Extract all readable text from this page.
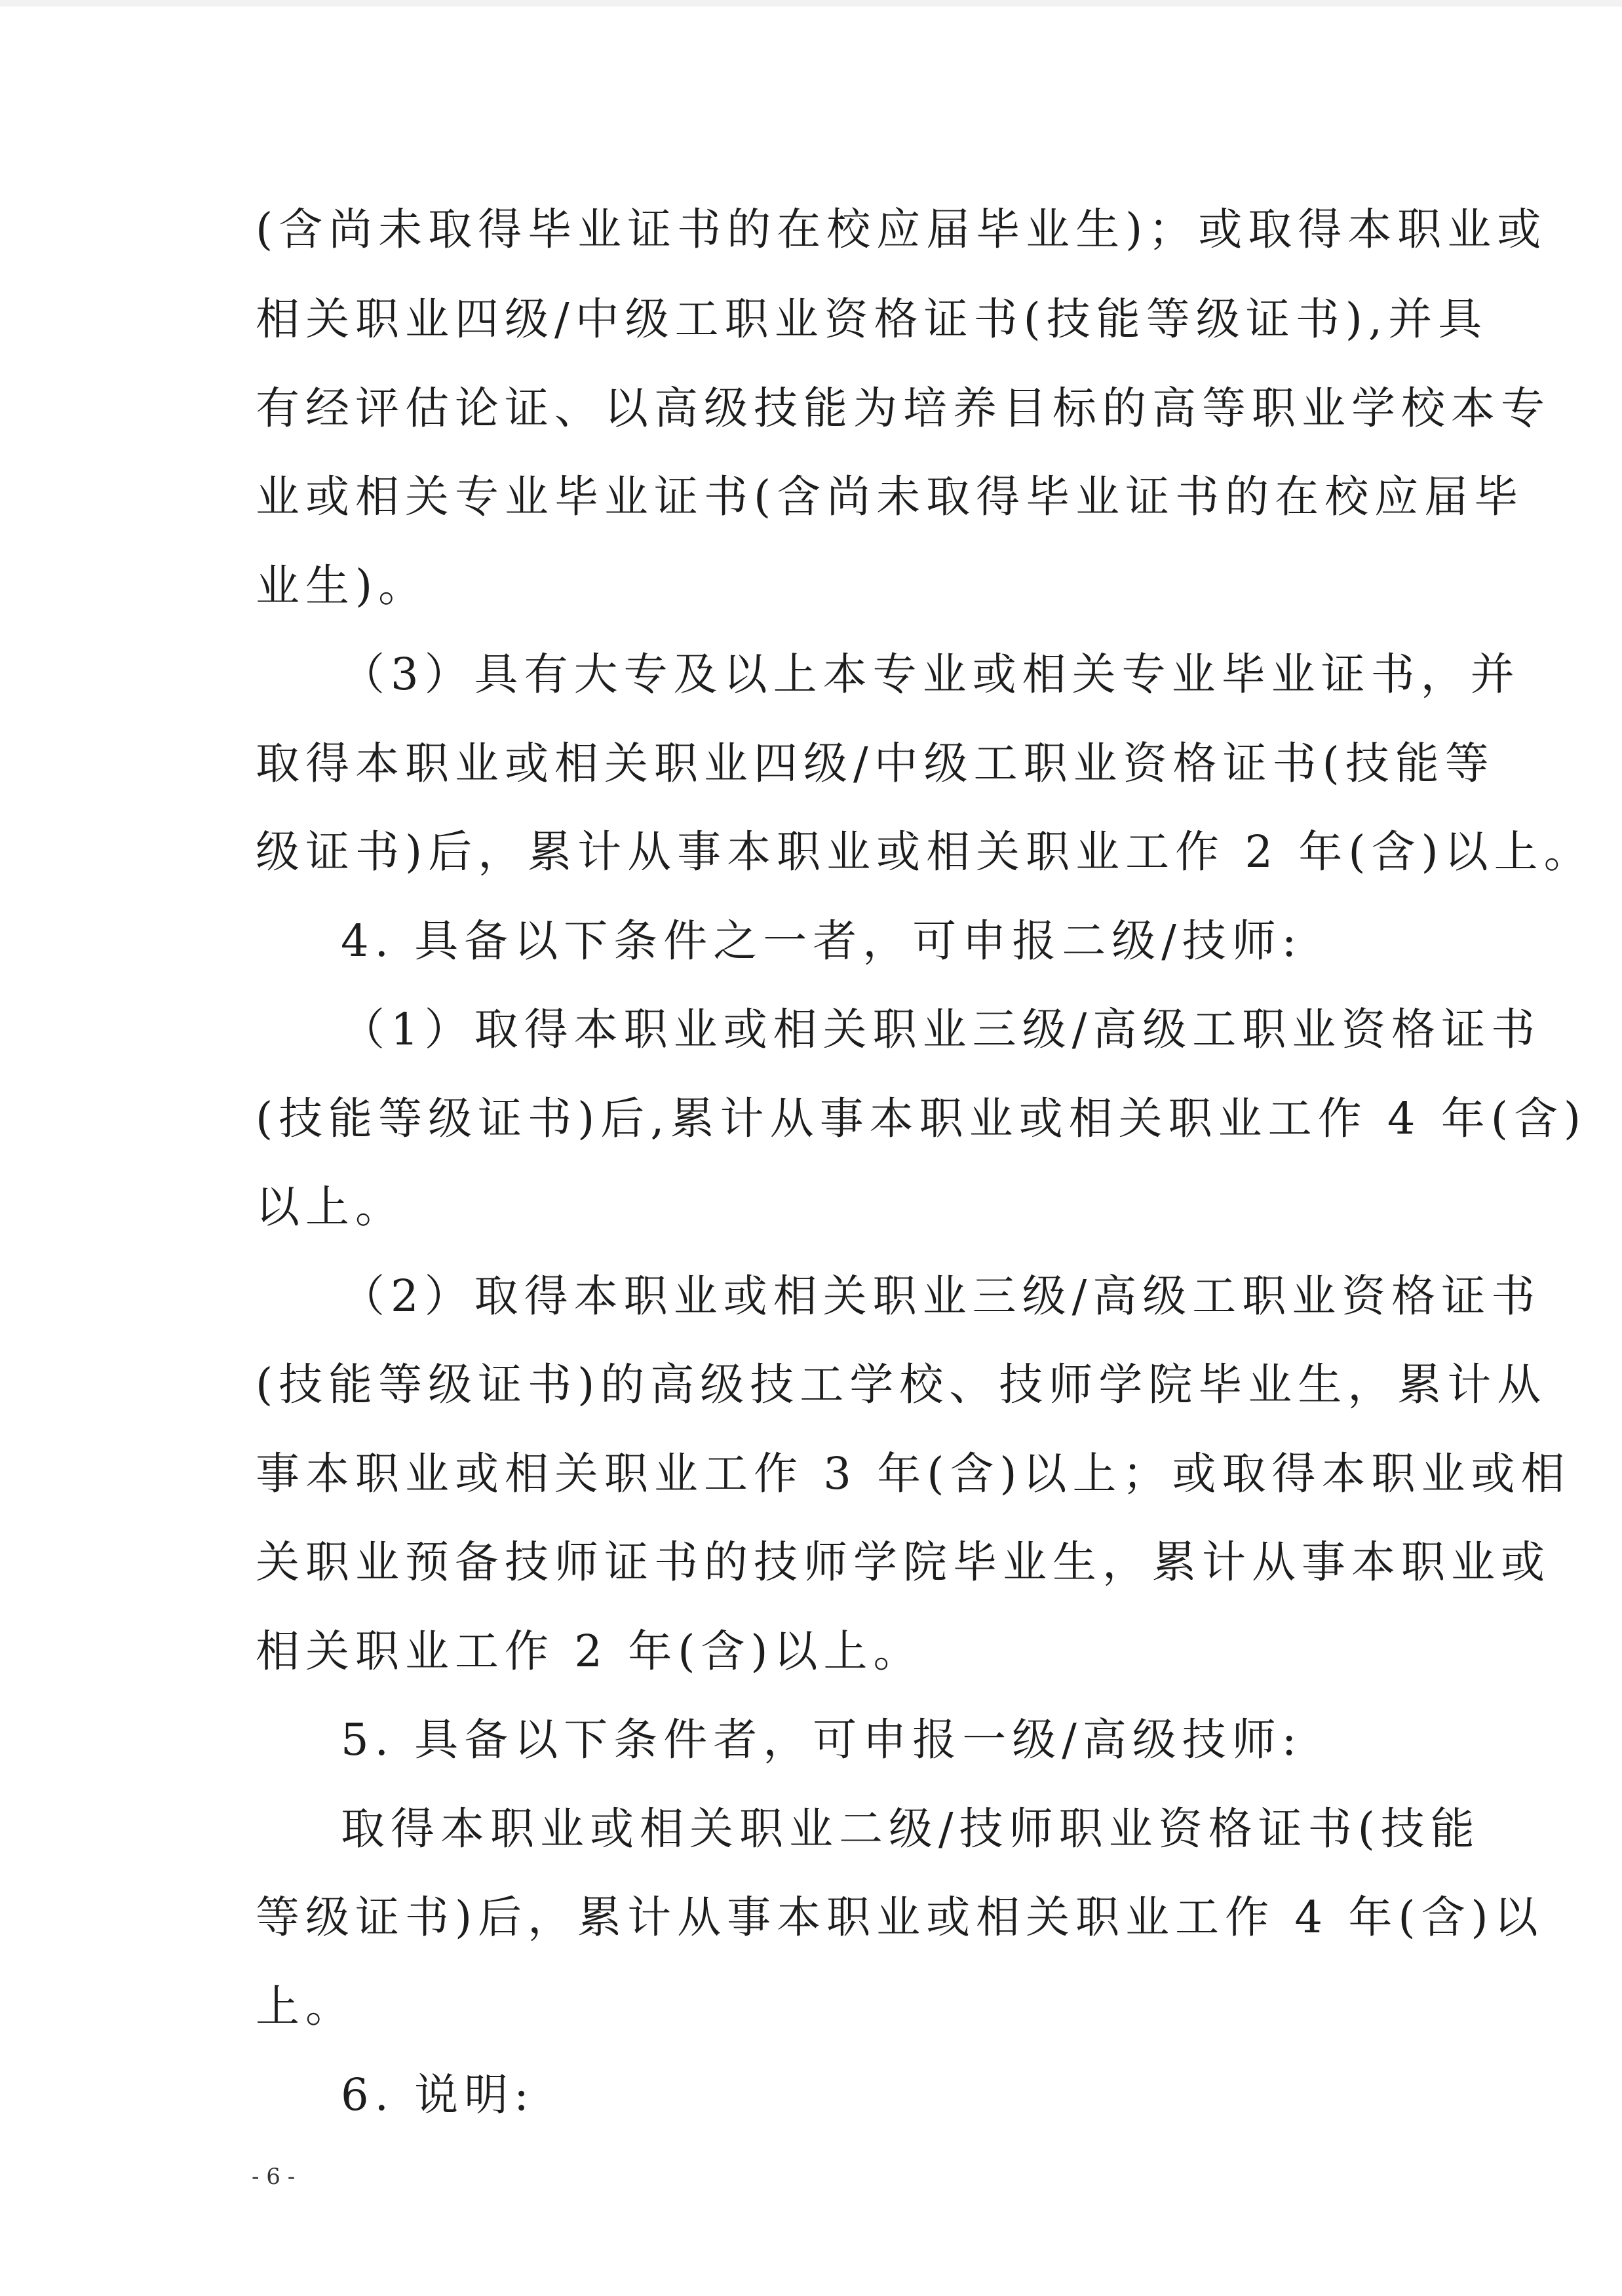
(含尚未取得毕业证书的在校应届毕业生)；或取得本职业或
相关职业四级/中级工职业资格证书(技能等级证书),并具
有经评估论证、以高级技能为培养目标的高等职业学校本专
业或相关专业毕业证书(含尚未取得毕业证书的在校应届毕
业生)。
（3）具有大专及以上本专业或相关专业毕业证书，并
取得本职业或相关职业四级/中级工职业资格证书(技能等
级证书)后，累计从事本职业或相关职业工作 2 年(含)以上。
4. 具备以下条件之一者，可申报二级/技师:
（1）取得本职业或相关职业三级/高级工职业资格证书
(技能等级证书)后,累计从事本职业或相关职业工作 4 年(含)
以上。
（2）取得本职业或相关职业三级/高级工职业资格证书
(技能等级证书)的高级技工学校、技师学院毕业生，累计从
事本职业或相关职业工作 3 年(含)以上；或取得本职业或相
关职业预备技师证书的技师学院毕业生，累计从事本职业或
相关职业工作 2 年(含)以上。
5. 具备以下条件者，可申报一级/高级技师:
取得本职业或相关职业二级/技师职业资格证书(技能
等级证书)后，累计从事本职业或相关职业工作 4 年(含)以
上。
6. 说明:
- 6 -
